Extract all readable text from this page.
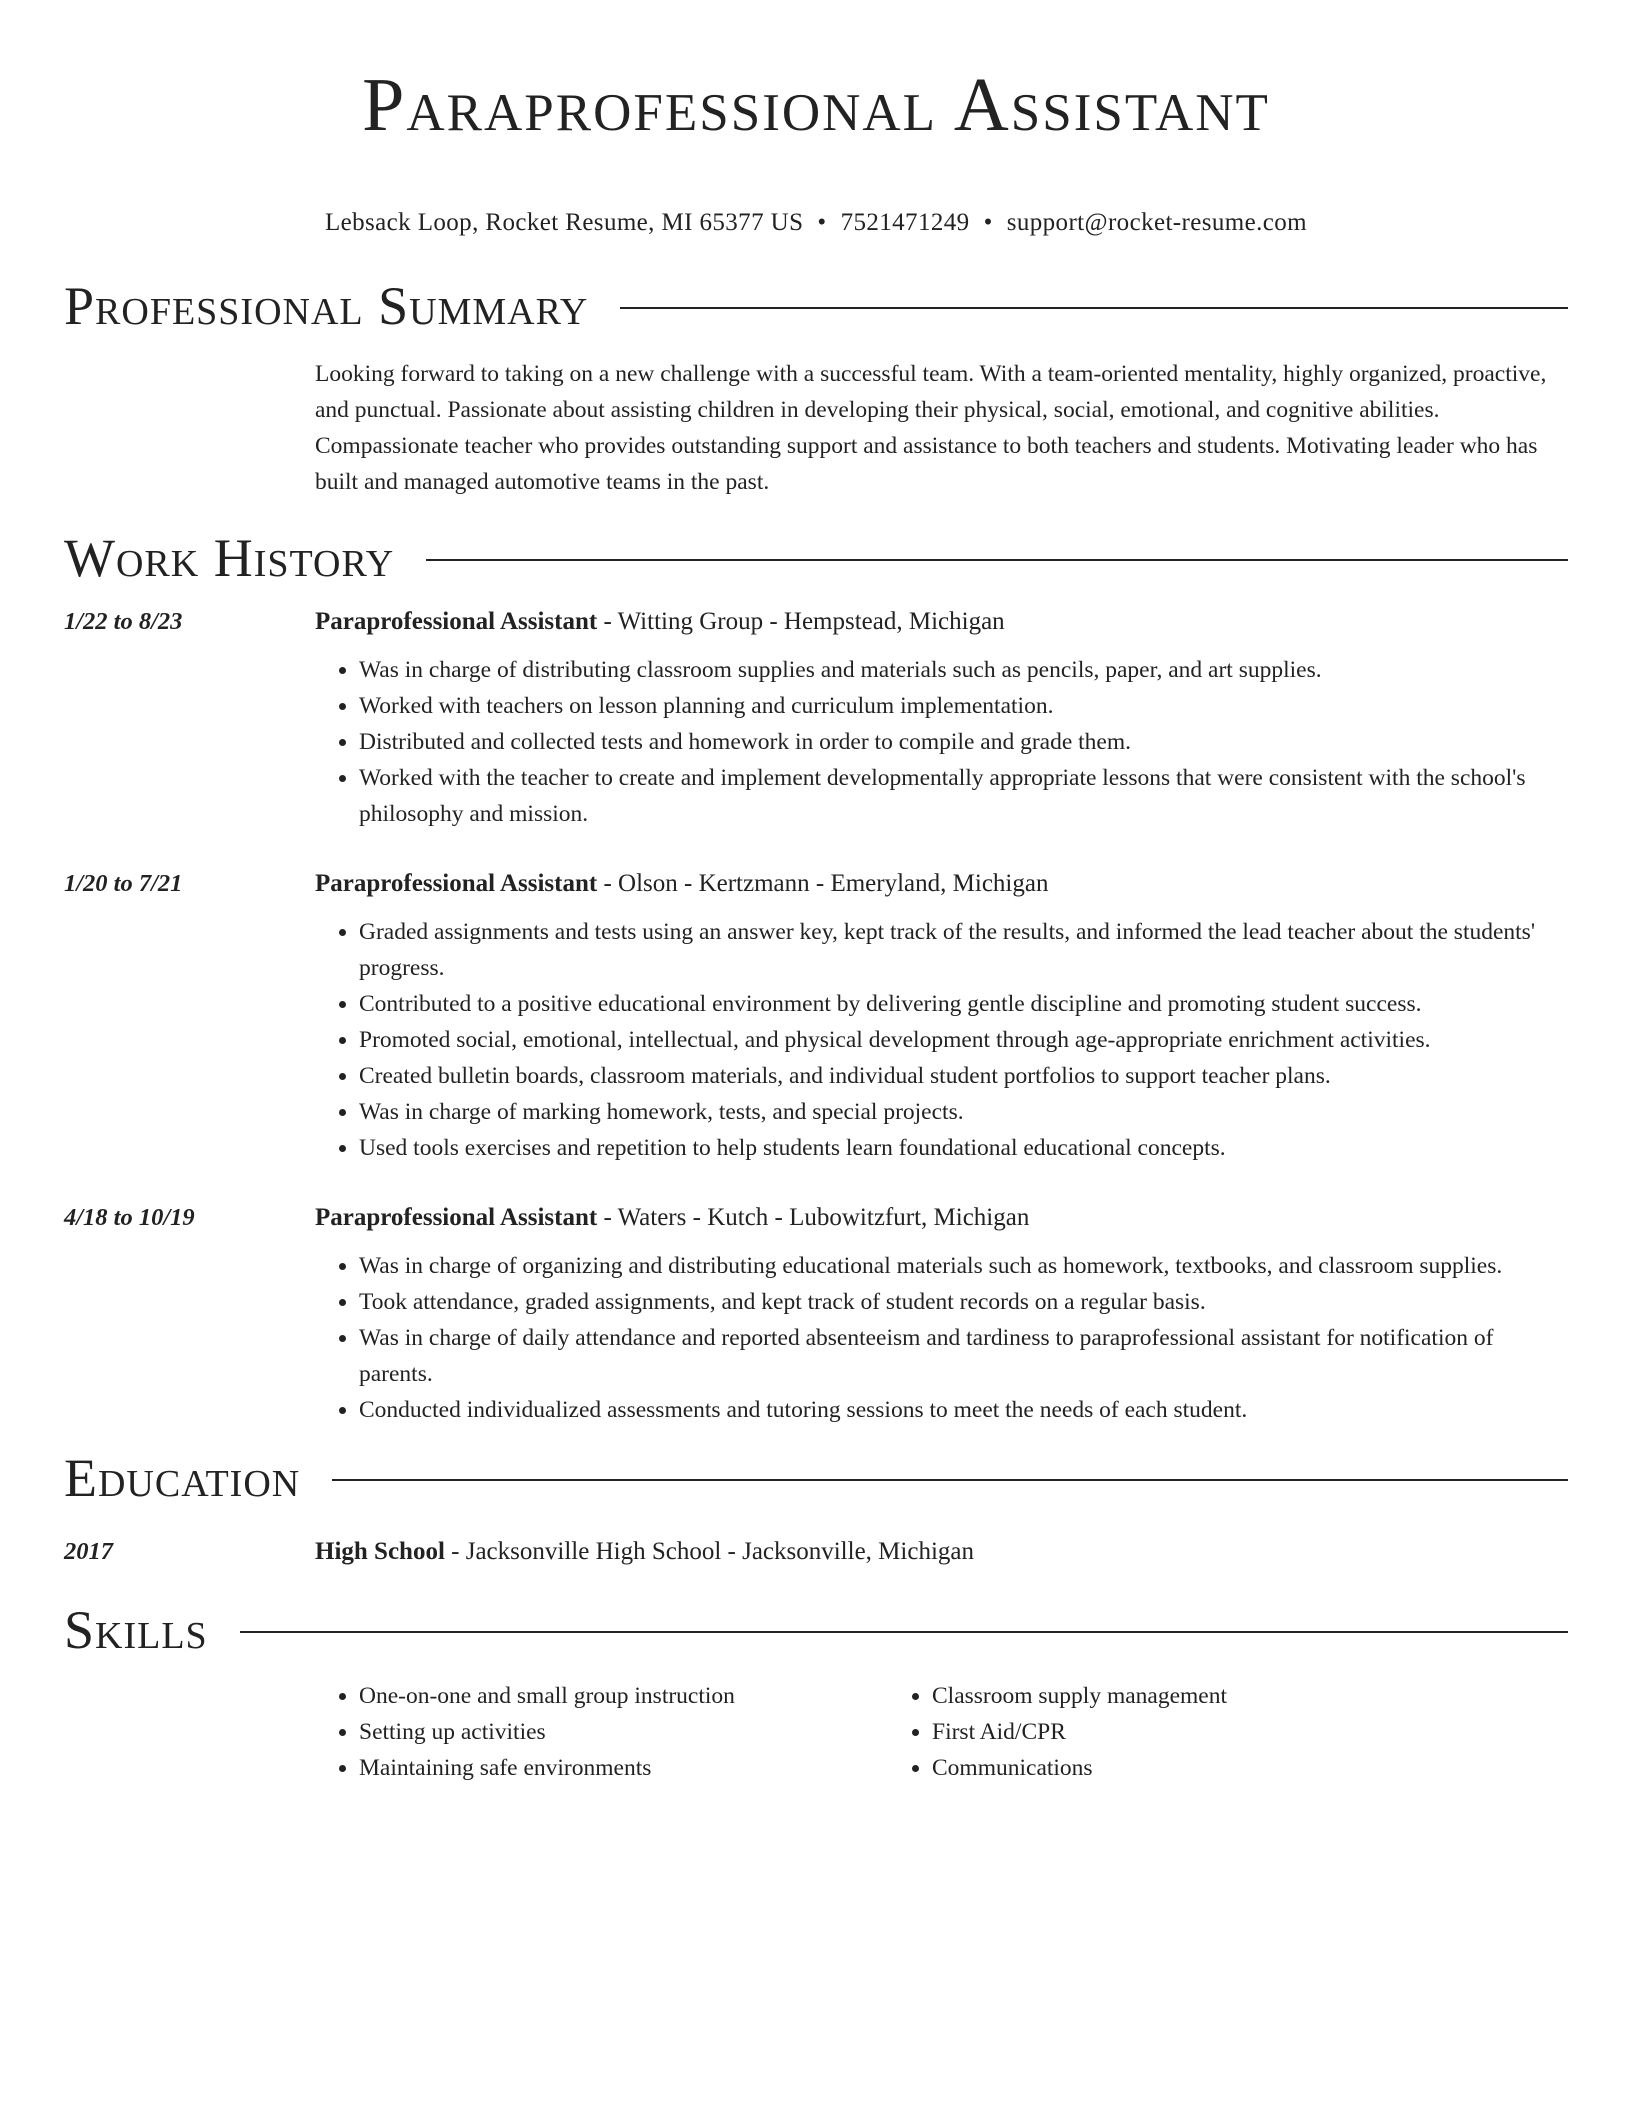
Paraprofessional Assistant
Lebsack Loop, Rocket Resume, MI 65377 US • 7521471249 • support@rocket-resume.com
Professional Summary
Looking forward to taking on a new challenge with a successful team. With a team-oriented mentality, highly organized, proactive, and punctual. Passionate about assisting children in developing their physical, social, emotional, and cognitive abilities. Compassionate teacher who provides outstanding support and assistance to both teachers and students. Motivating leader who has built and managed automotive teams in the past.
Work History
1/22 to 8/23	Paraprofessional Assistant - Witting Group - Hempstead, Michigan
• Was in charge of distributing classroom supplies and materials such as pencils, paper, and art supplies.
• Worked with teachers on lesson planning and curriculum implementation.
• Distributed and collected tests and homework in order to compile and grade them.
• Worked with the teacher to create and implement developmentally appropriate lessons that were consistent with the school's philosophy and mission.
1/20 to 7/21	Paraprofessional Assistant - Olson - Kertzmann - Emeryland, Michigan
• Graded assignments and tests using an answer key, kept track of the results, and informed the lead teacher about the students' progress.
• Contributed to a positive educational environment by delivering gentle discipline and promoting student success.
• Promoted social, emotional, intellectual, and physical development through age-appropriate enrichment activities.
• Created bulletin boards, classroom materials, and individual student portfolios to support teacher plans.
• Was in charge of marking homework, tests, and special projects.
• Used tools exercises and repetition to help students learn foundational educational concepts.
4/18 to 10/19	Paraprofessional Assistant - Waters - Kutch - Lubowitzfurt, Michigan
• Was in charge of organizing and distributing educational materials such as homework, textbooks, and classroom supplies.
• Took attendance, graded assignments, and kept track of student records on a regular basis.
• Was in charge of daily attendance and reported absenteeism and tardiness to paraprofessional assistant for notification of parents.
• Conducted individualized assessments and tutoring sessions to meet the needs of each student.
Education
2017	High School - Jacksonville High School - Jacksonville, Michigan
Skills
• One-on-one and small group instruction
• Setting up activities
• Maintaining safe environments
• Classroom supply management
• First Aid/CPR
• Communications
